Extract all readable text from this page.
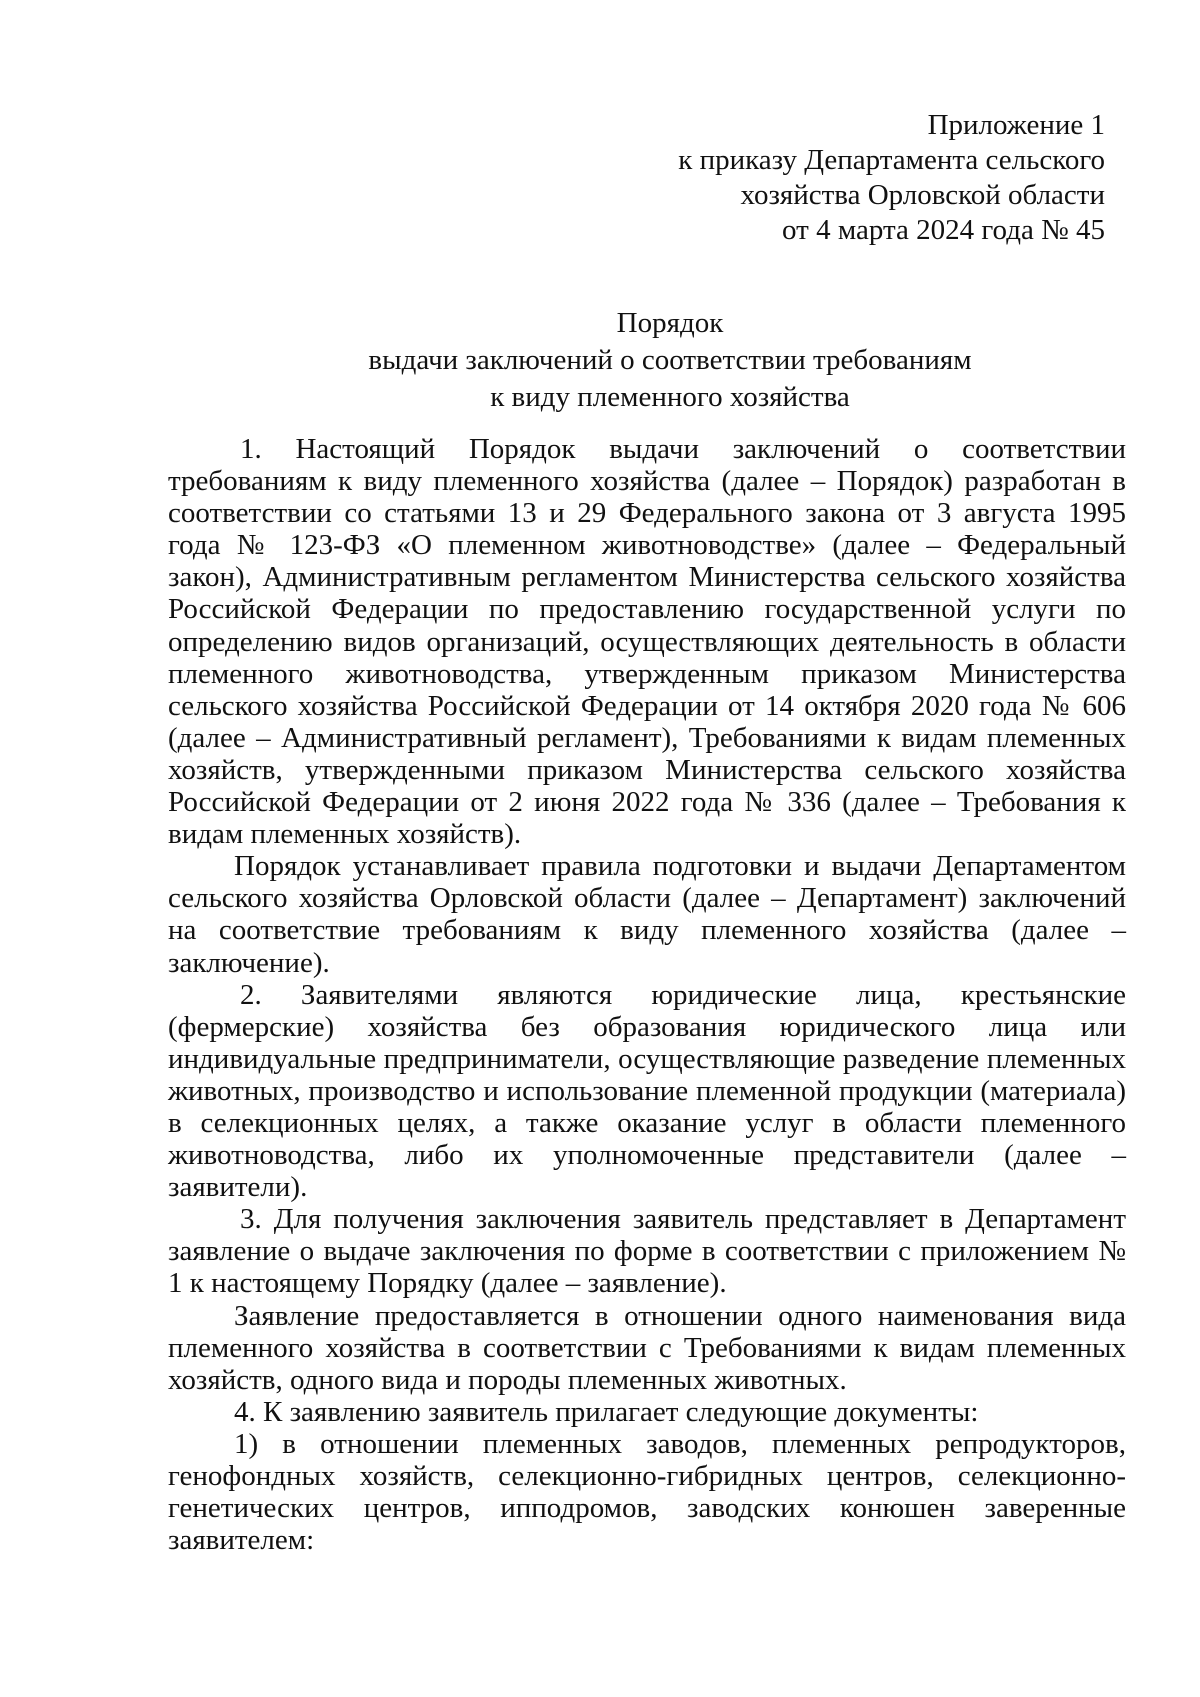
Приложение 1
к приказу Департамента сельского
хозяйства Орловской области
от 4 марта 2024 года № 45
Порядок
выдачи заключений о соответствии требованиям
к виду племенного хозяйства

1. Настоящий Порядок выдачи заключений о соответствии требованиям к виду племенного хозяйства (далее – Порядок) разработан в соответствии со статьями 13 и 29 Федерального закона от 3 августа 1995 года № 123-ФЗ «О племенном животноводстве» (далее – Федеральный закон), Административным регламентом Министерства сельского хозяйства Российской Федерации по предоставлению государственной услуги по определению видов организаций, осуществляющих деятельность в области племенного животноводства, утвержденным приказом Министерства сельского хозяйства Российской Федерации от 14 октября 2020 года № 606 (далее – Административный регламент), Требованиями к видам племенных хозяйств, утвержденными приказом Министерства сельского хозяйства Российской Федерации от 2 июня 2022 года № 336 (далее – Требования к видам племенных хозяйств).

Порядок устанавливает правила подготовки и выдачи Департаментом сельского хозяйства Орловской области (далее – Департамент) заключений на соответствие требованиям к виду племенного хозяйства (далее – заключение).

2. Заявителями являются юридические лица, крестьянские (фермерские) хозяйства без образования юридического лица или индивидуальные предприниматели, осуществляющие разведение племенных животных, производство и использование племенной продукции (материала) в селекционных целях, а также оказание услуг в области племенного животноводства, либо их уполномоченные представители (далее – заявители).

3. Для получения заключения заявитель представляет в Департамент заявление о выдаче заключения по форме в соответствии с приложением № 1 к настоящему Порядку (далее – заявление).

Заявление предоставляется в отношении одного наименования вида племенного хозяйства в соответствии с Требованиями к видам племенных хозяйств, одного вида и породы племенных животных.

4. К заявлению заявитель прилагает следующие документы:

1) в отношении племенных заводов, племенных репродукторов, генофондных хозяйств, селекционно-гибридных центров, селекционно-генетических центров, ипподромов, заводских конюшен заверенные заявителем:
